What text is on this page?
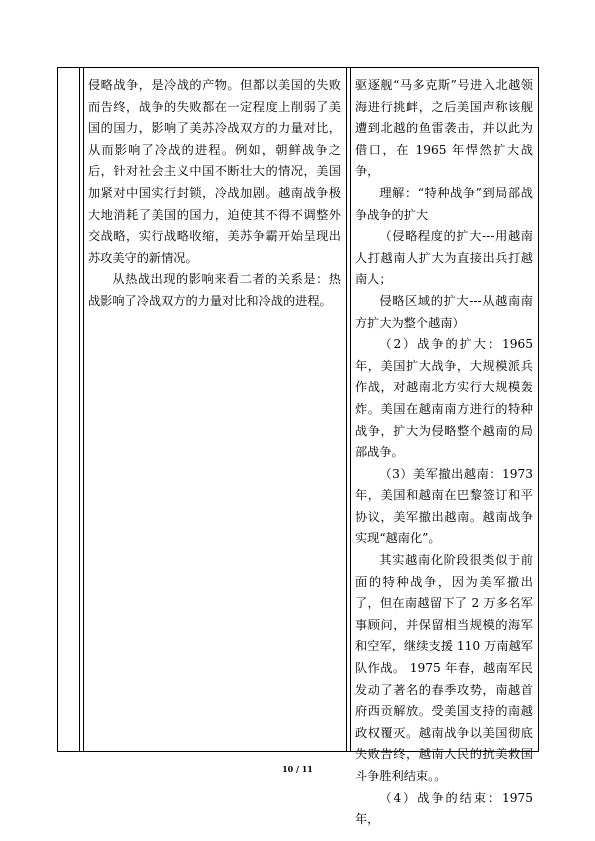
侵略战争，是冷战的产物。但都以美国的失败而告终，战争的失败都在一定程度上削弱了美国的国力，影响了美苏冷战双方的力量对比，从而影响了冷战的进程。例如，朝鲜战争之后，针对社会主义中国不断壮大的情况，美国加紧对中国实行封锁，冷战加剧。越南战争极大地消耗了美国的国力，迫使其不得不调整外交战略，实行战略收缩，美苏争霸开始呈现出苏攻美守的新情况。

从热战出现的影响来看二者的关系是：热战影响了冷战双方的力量对比和冷战的进程。

驱逐舰“马多克斯”号进入北越领海进行挑衅，之后美国声称该舰遭到北越的鱼雷袭击，并以此为借口，在 1965 年悍然扩大战争，

理解：“特种战争”到局部战争战争的扩大

（侵略程度的扩大---用越南人打越南人扩大为直接出兵打越南人；

侵略区域的扩大---从越南南方扩大为整个越南）

（2）战争的扩大：1965 年，美国扩大战争，大规模派兵作战，对越南北方实行大规模轰炸。美国在越南南方进行的特种战争，扩大为侵略整个越南的局部战争。

（3）美军撤出越南：1973 年，美国和越南在巴黎签订和平协议，美军撤出越南。越南战争实现“越南化”。

其实越南化阶段很类似于前面的特种战争，因为美军撤出了，但在南越留下了 2 万多名军事顾问，并保留相当规模的海军和空军，继续支援 110 万南越军队作战。 1975 年春，越南军民发动了著名的春季攻势，南越首府西贡解放。受美国支持的南越政权覆灭。越南战争以美国彻底失败告终，越南人民的抗美救国斗争胜利结束。。

（4）战争的结束：1975 年，

10 / 11
